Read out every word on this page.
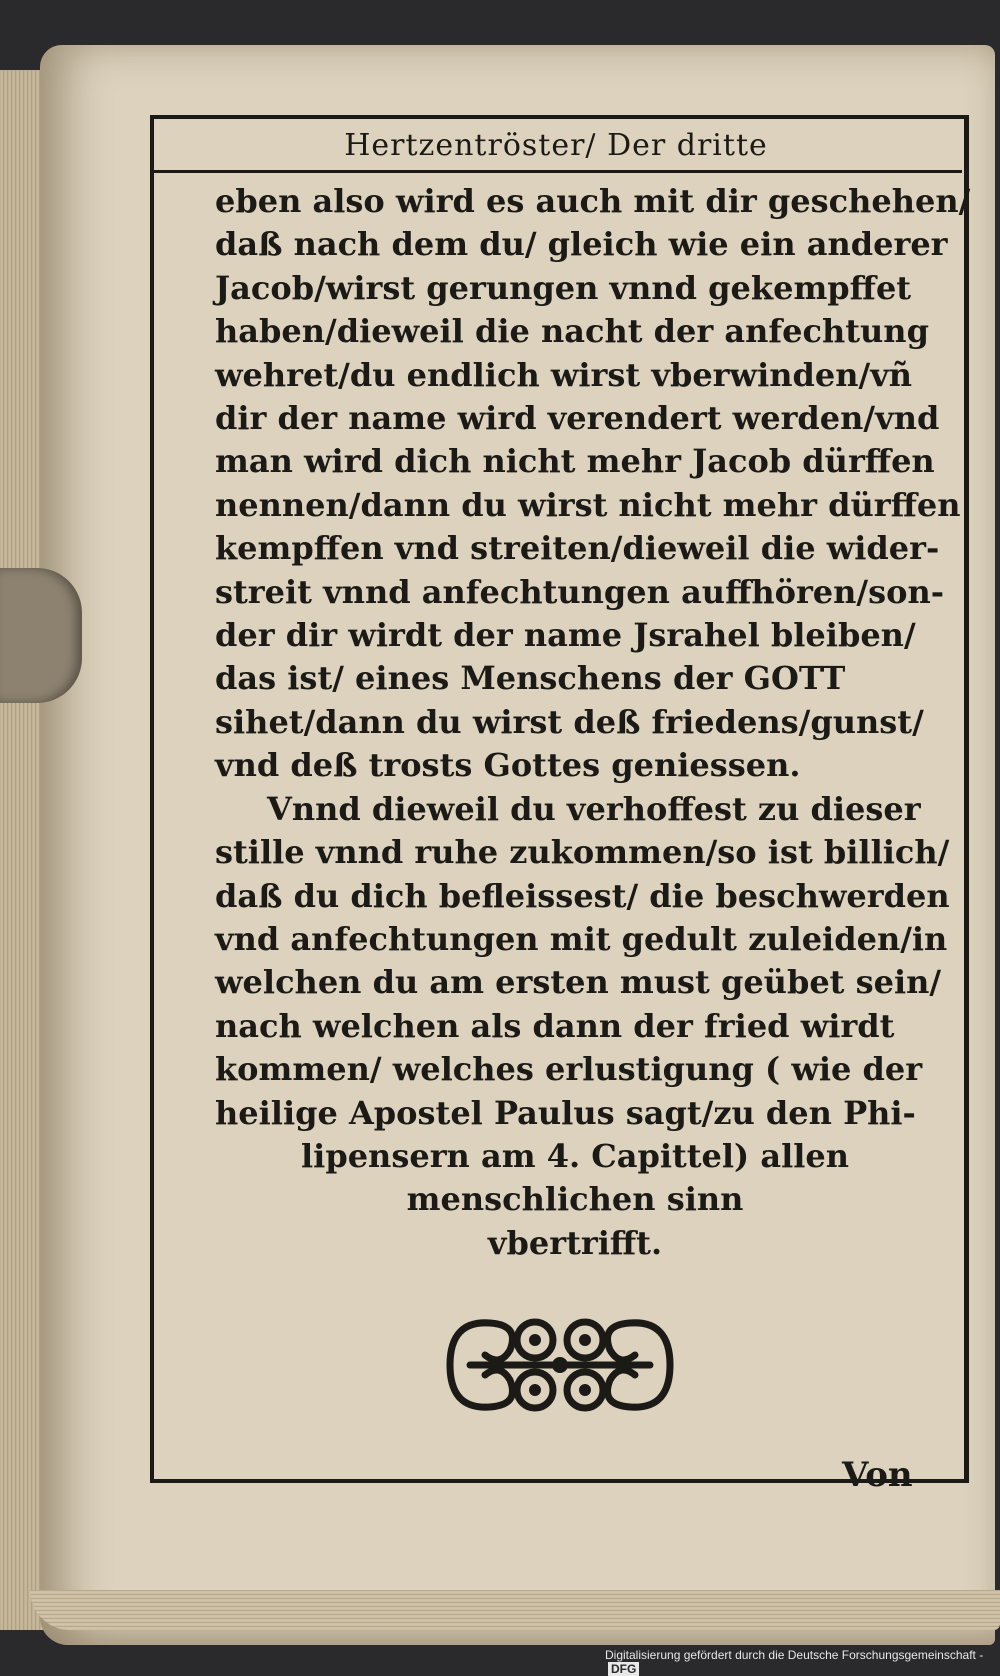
Hertzentröster/ Der dritte
eben also wird es auch mit dir geschehen/
daß nach dem du/ gleich wie ein anderer
Jacob/wirst gerungen vnnd gekempffet
haben/dieweil die nacht der anfechtung
wehret/du endlich wirst vberwinden/vñ
dir der name wird verendert werden/vnd
man wird dich nicht mehr Jacob dürffen
nennen/dann du wirst nicht mehr dürffen
kempffen vnd streiten/dieweil die wider-
streit vnnd anfechtungen auffhören/son-
der dir wirdt der name Jsrahel bleiben/
das ist/ eines Menschens der GOTT
sihet/dann du wirst deß friedens/gunst/
vnd deß trosts Gottes geniessen.
Vnnd dieweil du verhoffest zu dieser
stille vnnd ruhe zukommen/so ist billich/
daß du dich befleissest/ die beschwerden
vnd anfechtungen mit gedult zuleiden/in
welchen du am ersten must geübet sein/
nach welchen als dann der fried wirdt
kommen/ welches erlustigung ( wie der
heilige Apostel Paulus sagt/zu den Phi-
lipensern am 4. Capittel) allen
menschlichen sinn
vbertrifft.
Von
Digitalisierung gefördert durch die Deutsche Forschungsgemeinschaft - DFG
